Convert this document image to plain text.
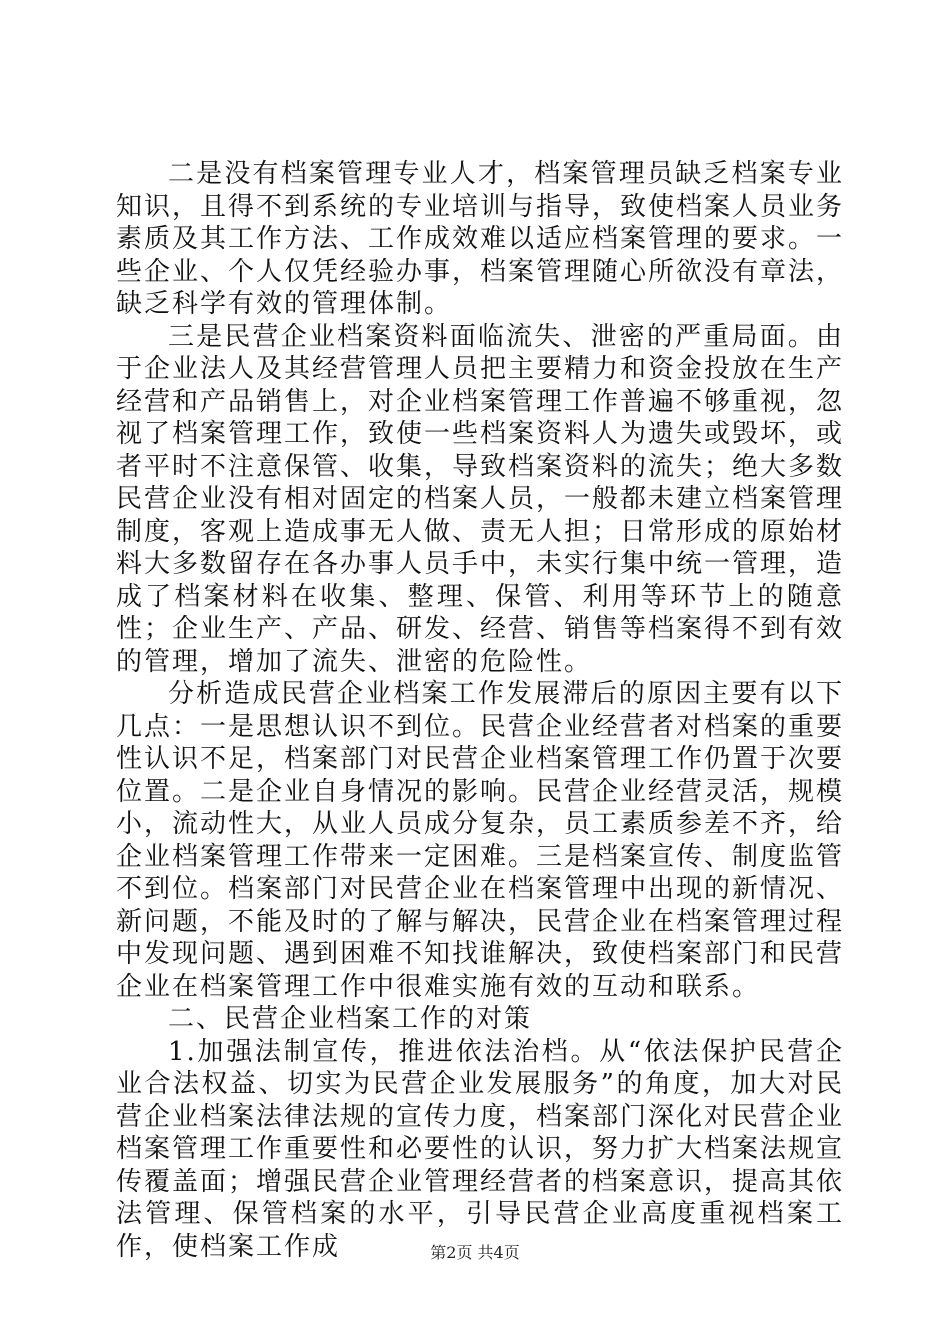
二是没有档案管理专业人才，档案管理员缺乏档案专业知识，且得不到系统的专业培训与指导，致使档案人员业务素质及其工作方法、工作成效难以适应档案管理的要求。一些企业、个人仅凭经验办事，档案管理随心所欲没有章法，缺乏科学有效的管理体制。

三是民营企业档案资料面临流失、泄密的严重局面。由于企业法人及其经营管理人员把主要精力和资金投放在生产经营和产品销售上，对企业档案管理工作普遍不够重视，忽视了档案管理工作，致使一些档案资料人为遗失或毁坏，或者平时不注意保管、收集，导致档案资料的流失；绝大多数民营企业没有相对固定的档案人员，一般都未建立档案管理制度，客观上造成事无人做、责无人担；日常形成的原始材料大多数留存在各办事人员手中，未实行集中统一管理，造成了档案材料在收集、整理、保管、利用等环节上的随意性；企业生产、产品、研发、经营、销售等档案得不到有效的管理，增加了流失、泄密的危险性。

分析造成民营企业档案工作发展滞后的原因主要有以下几点：一是思想认识不到位。民营企业经营者对档案的重要性认识不足，档案部门对民营企业档案管理工作仍置于次要位置。二是企业自身情况的影响。民营企业经营灵活，规模小，流动性大，从业人员成分复杂，员工素质参差不齐，给企业档案管理工作带来一定困难。三是档案宣传、制度监管不到位。档案部门对民营企业在档案管理中出现的新情况、新问题，不能及时的了解与解决，民营企业在档案管理过程中发现问题、遇到困难不知找谁解决，致使档案部门和民营企业在档案管理工作中很难实施有效的互动和联系。

二、民营企业档案工作的对策

1.加强法制宣传，推进依法治档。从“依法保护民营企业合法权益、切实为民营企业发展服务”的角度，加大对民营企业档案法律法规的宣传力度，档案部门深化对民营企业档案管理工作重要性和必要性的认识，努力扩大档案法规宣传覆盖面；增强民营企业管理经营者的档案意识，提高其依法管理、保管档案的水平，引导民营企业高度重视档案工作，使档案工作成	第2页 共4页
